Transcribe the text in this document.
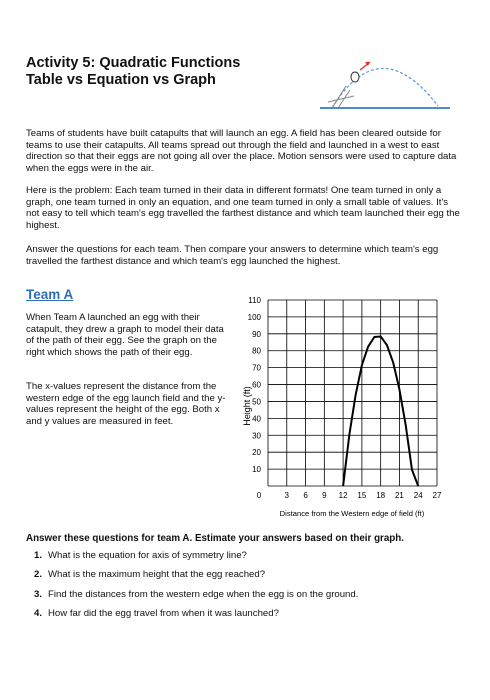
Activity 5: Quadratic Functions
Table vs Equation vs Graph
Teams of students have built catapults that will launch an egg. A field has been cleared outside for teams to use their catapults. All teams spread out through the field and launched in a west to east direction so that their eggs are not going all over the place. Motion sensors were used to capture data when the eggs were in the air.
Here is the problem: Each team turned in their data in different formats! One team turned in only a graph, one team turned in only an equation, and one team turned in only a small table of values. It's not easy to tell which team's egg travelled the farthest distance and which team launched their egg the highest.
Answer the questions for each team. Then compare your answers to determine which team's egg travelled the farthest distance and which team's egg launched the highest.
Team A
When Team A launched an egg with their catapult, they drew a graph to model their data of the path of their egg. See the graph on the right which shows the path of their egg.
The x-values represent the distance from the western edge of the egg launch field and the y-values represent the height of the egg. Both x and y values are measured in feet.
10
20
30
40
50
60
70
80
90
100
110
0	3 6 9 12 15 18 21 24 27
Height (ft)
Distance from the Western edge of field (ft)
Answer these questions for team A. Estimate your answers based on their graph.
1. What is the equation for axis of symmetry line?
2. What is the maximum height that the egg reached?
3. Find the distances from the western edge when the egg is on the ground.
4. How far did the egg travel from when it was launched?
